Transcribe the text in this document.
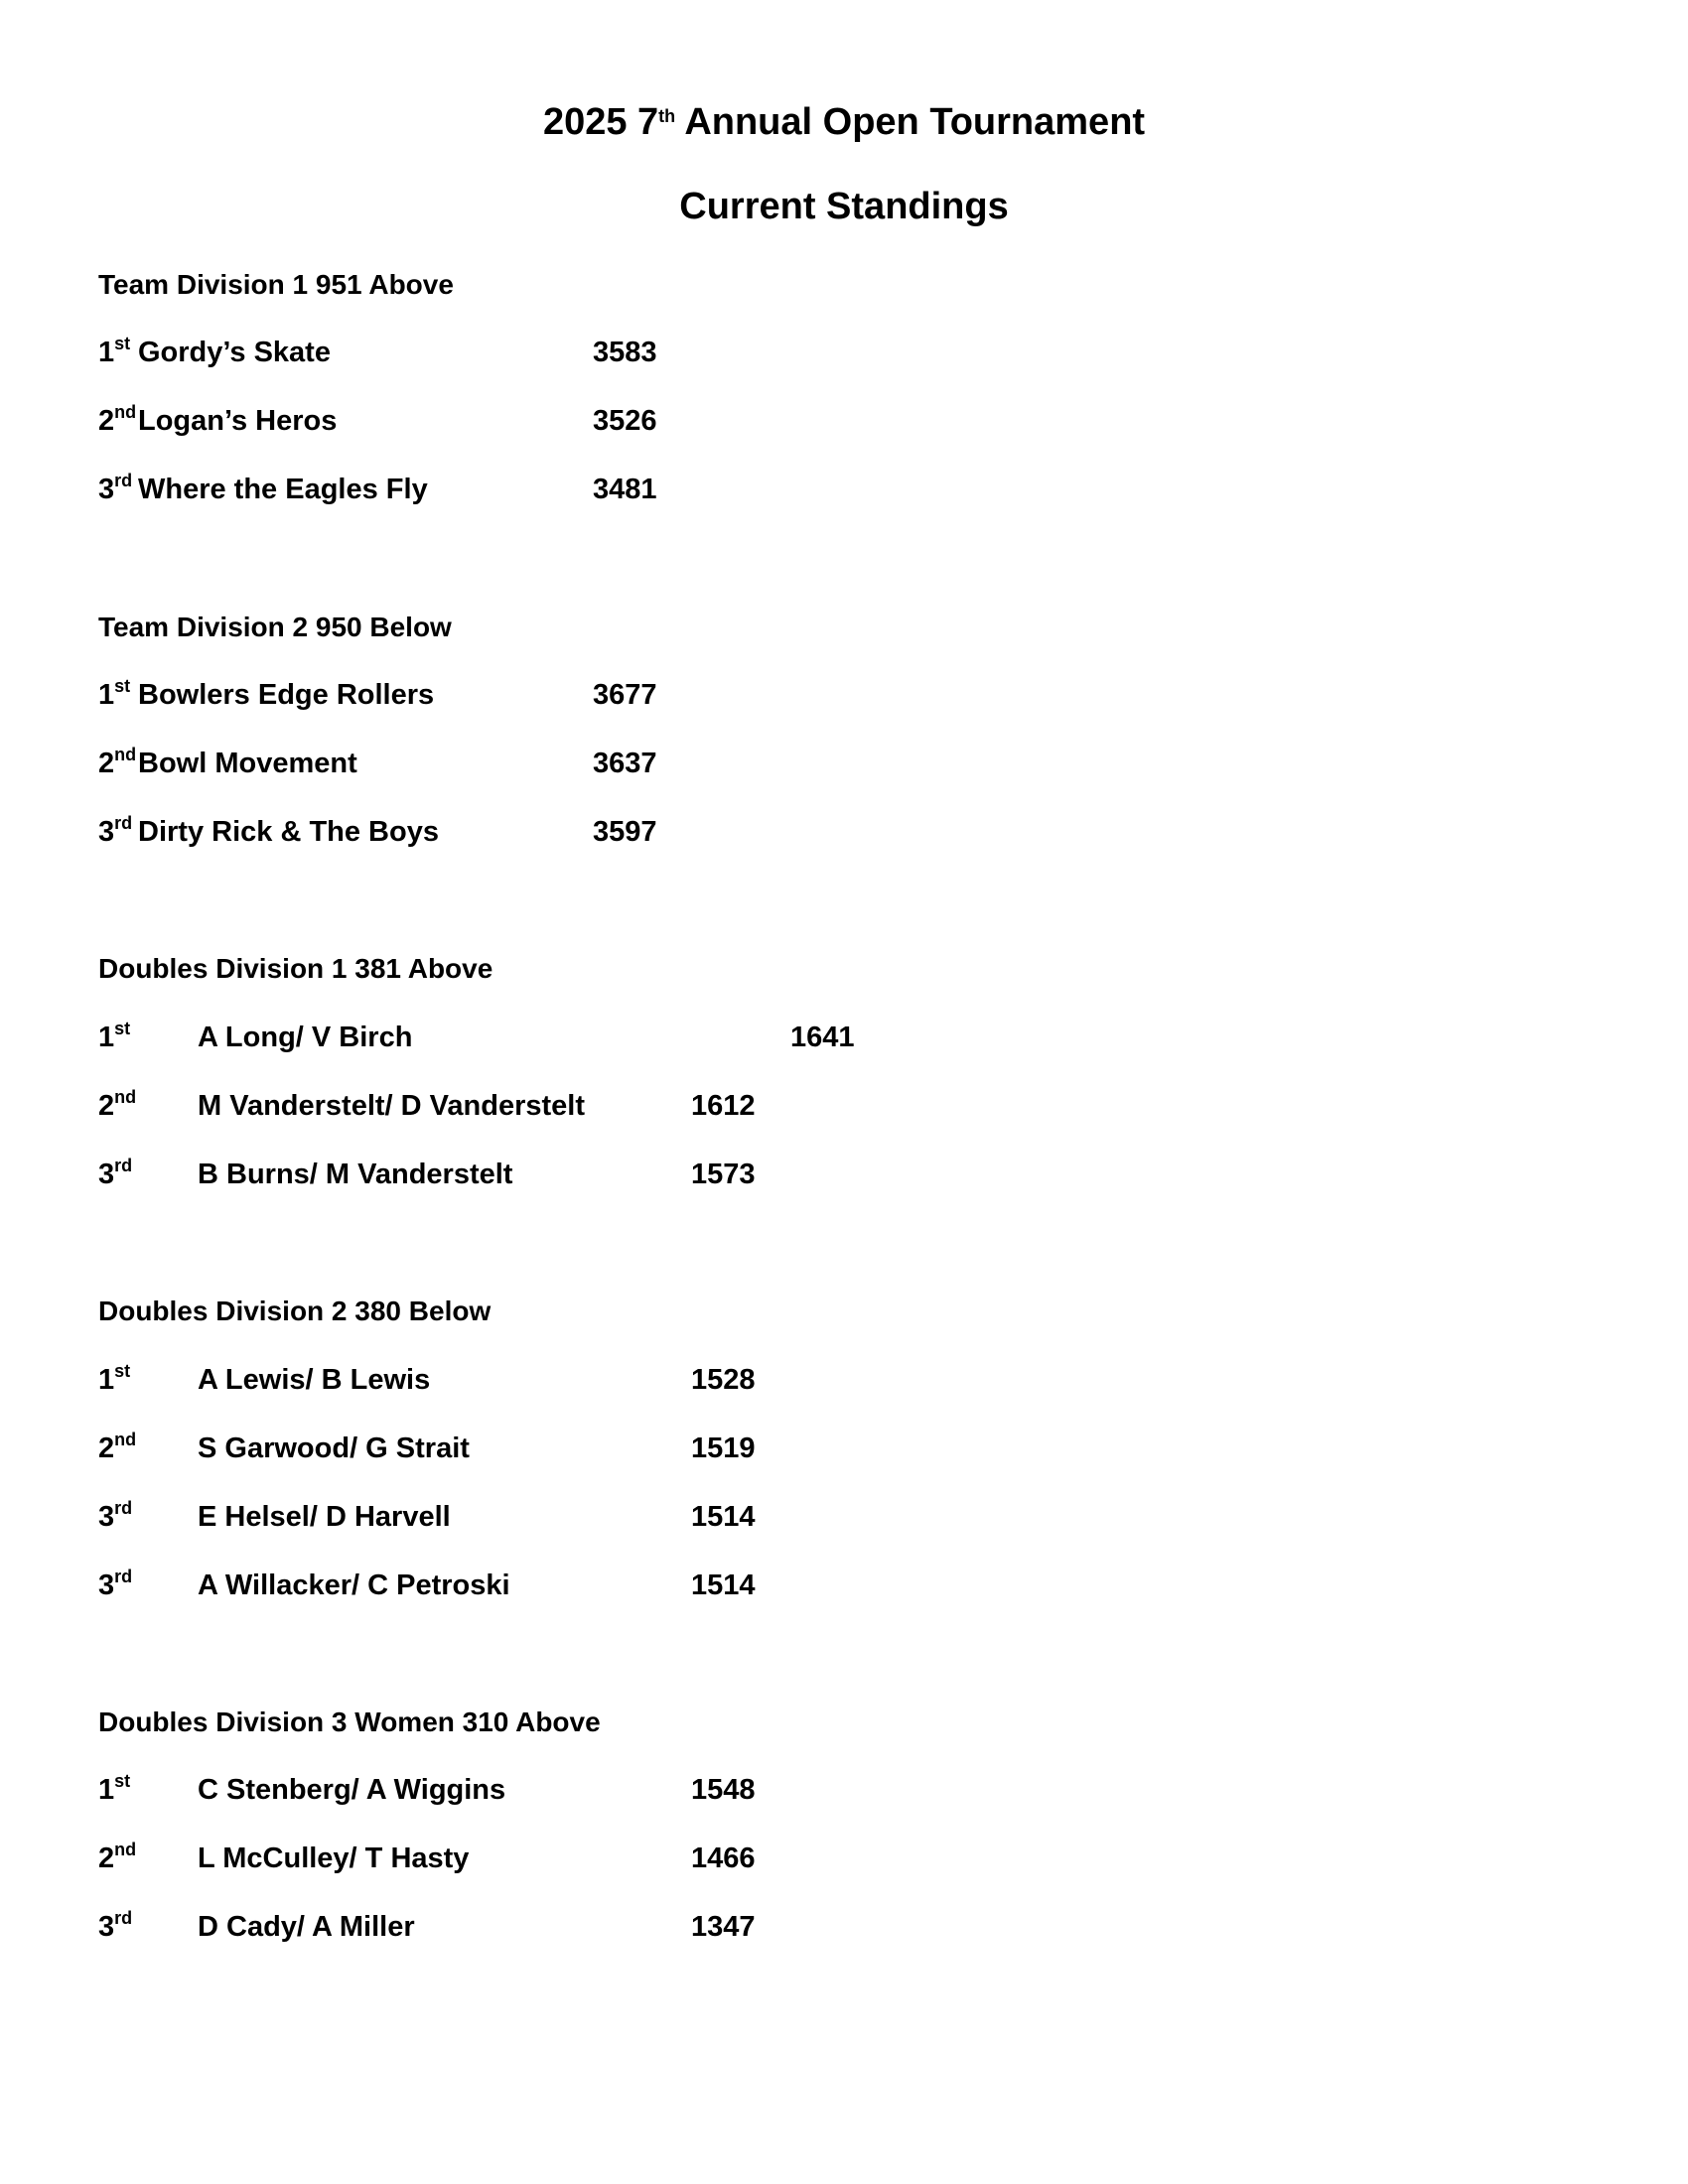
2025 7th Annual Open Tournament
Current Standings
Team Division 1 951 Above
1st Gordy’s Skate	3583
2nd Logan’s Heros	3526
3rd Where the Eagles Fly	3481
Team Division 2 950 Below
1st Bowlers Edge Rollers	3677
2nd Bowl Movement	3637
3rd Dirty Rick & The Boys	3597
Doubles Division 1 381 Above
1st A Long/ V Birch	1641
2nd M Vanderstelt/ D Vanderstelt	1612
3rd B Burns/ M Vanderstelt	1573
Doubles Division 2 380 Below
1st A Lewis/ B Lewis	1528
2nd S Garwood/ G Strait	1519
3rd E Helsel/ D Harvell	1514
3rd A Willacker/ C Petroski	1514
Doubles Division 3 Women 310 Above
1st C Stenberg/ A Wiggins	1548
2nd L McCulley/ T Hasty	1466
3rd D Cady/ A Miller	1347
